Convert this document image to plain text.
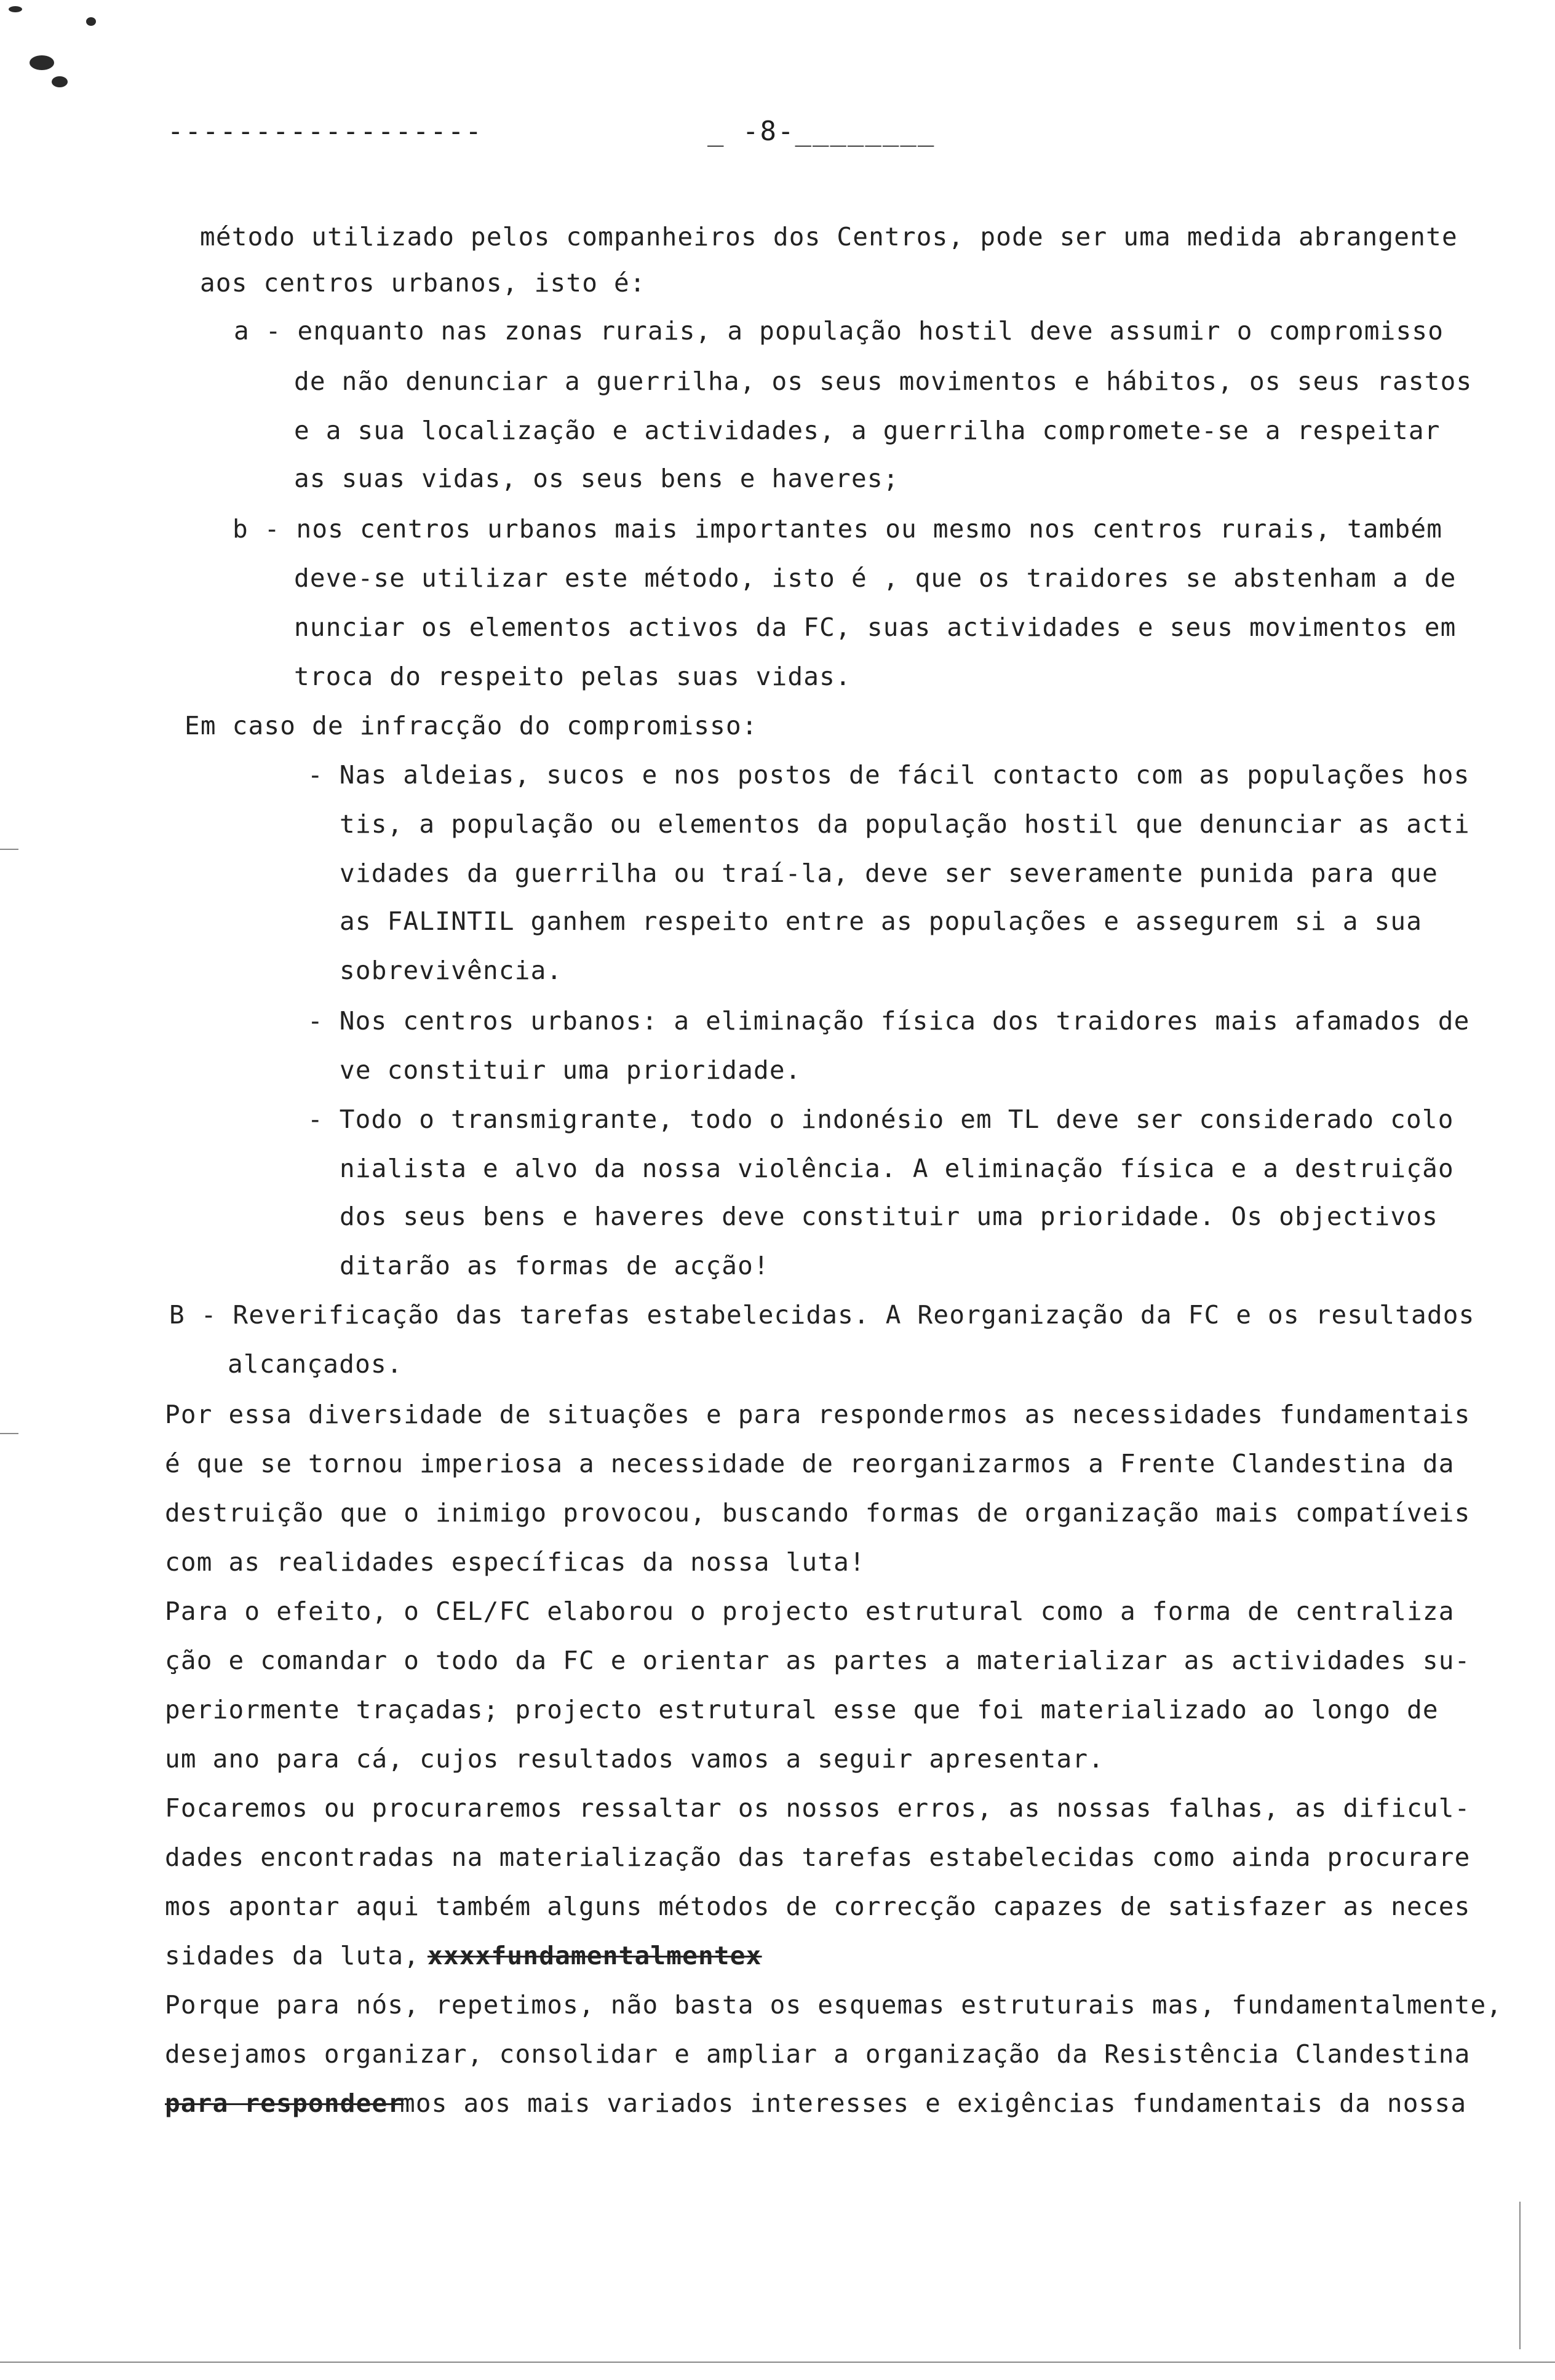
------------------	_ -8-________
método utilizado pelos companheiros dos Centros, pode ser uma medida abrangente
aos centros urbanos, isto é:
a - enquanto nas zonas rurais, a população hostil deve assumir o compromisso
de não denunciar a guerrilha, os seus movimentos e hábitos, os seus rastos
e a sua localização e actividades, a guerrilha compromete-se a respeitar
as suas vidas, os seus bens e haveres;
b - nos centros urbanos mais importantes ou mesmo nos centros rurais, também
deve-se utilizar este método, isto é , que os traidores se abstenham a de
nunciar os elementos activos da FC, suas actividades e seus movimentos em
troca do respeito pelas suas vidas.
Em caso de infracção do compromisso:
- Nas aldeias, sucos e nos postos de fácil contacto com as populações hos
tis, a população ou elementos da população hostil que denunciar as acti
vidades da guerrilha ou traí-la, deve ser severamente punida para que
as FALINTIL ganhem respeito entre as populações e assegurem si a sua
sobrevivência.
- Nos centros urbanos: a eliminação física dos traidores mais afamados de
ve constituir uma prioridade.
- Todo o transmigrante, todo o indonésio em TL deve ser considerado colo
nialista e alvo da nossa violência. A eliminação física e a destruição
dos seus bens e haveres deve constituir uma prioridade. Os objectivos
ditarão as formas de acção!
B - Reverificação das tarefas estabelecidas. A Reorganização da FC e os resultados
alcançados.
Por essa diversidade de situações e para respondermos as necessidades fundamentais
é que se tornou imperiosa a necessidade de reorganizarmos a Frente Clandestina da
destruição que o inimigo provocou, buscando formas de organização mais compatíveis
com as realidades específicas da nossa luta!
Para o efeito, o CEL/FC elaborou o projecto estrutural como a forma de centraliza
ção e comandar o todo da FC e orientar as partes a materializar as actividades su-
periormente traçadas; projecto estrutural esse que foi materializado ao longo de
um ano para cá, cujos resultados vamos a seguir apresentar.
Focaremos ou procuraremos ressaltar os nossos erros, as nossas falhas, as dificul-
dades encontradas na materialização das tarefas estabelecidas como ainda procurare
mos apontar aqui também alguns métodos de correcção capazes de satisfazer as neces
sidades da luta, xxxxfundamentalmentex
Porque para nós, repetimos, não basta os esquemas estruturais mas, fundamentalmente,
desejamos organizar, consolidar e ampliar a organização da Resistência Clandestina
para respondeer
mos aos mais variados interesses e exigências fundamentais da nossa
